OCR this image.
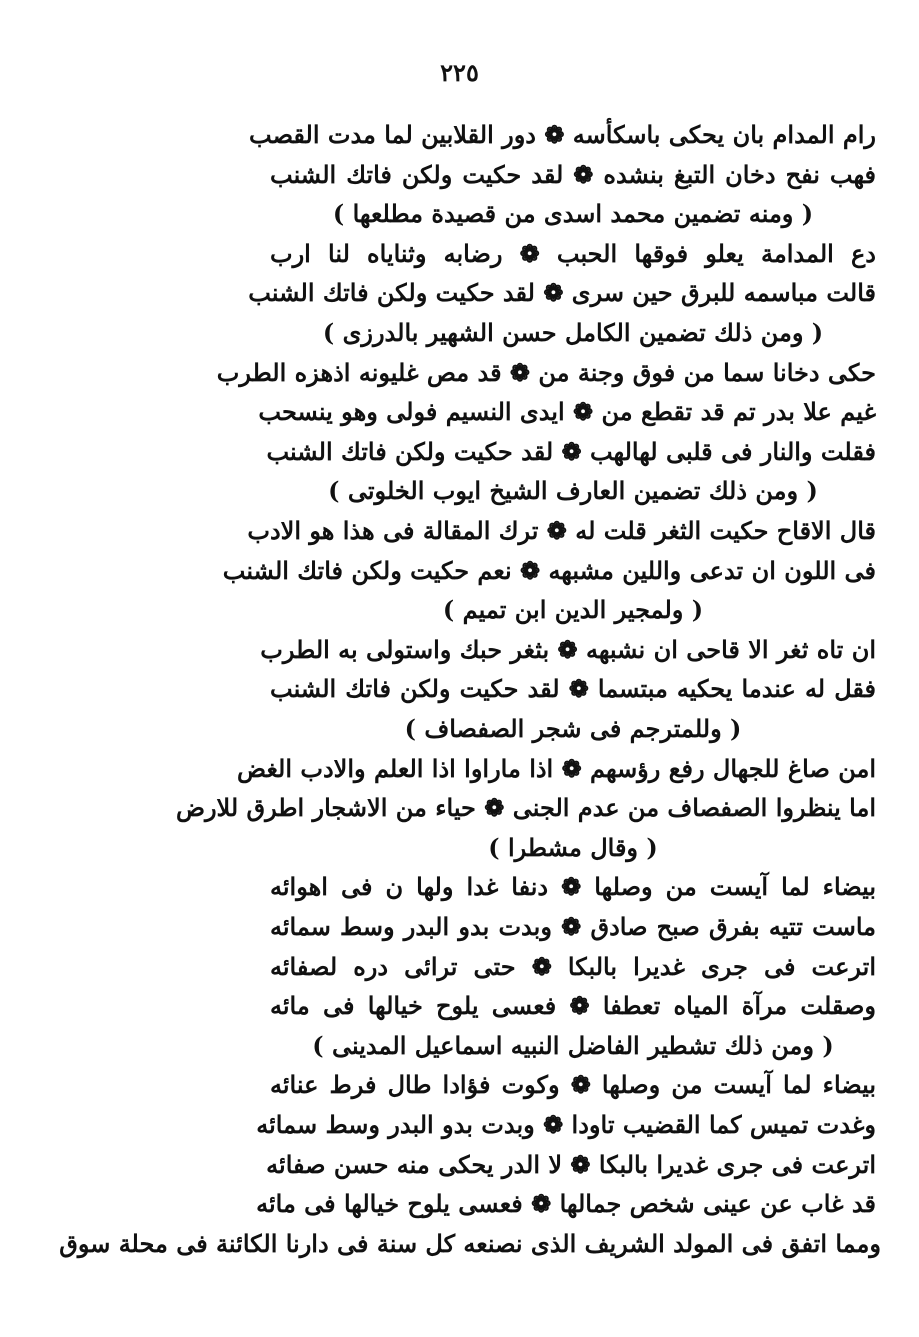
٢٢٥
رام المدام بان يحكى باسكأسه ❁ دور القلابين لما مدت القصب
فهب نفح دخان التبغ بنشده ❁ لقد حكيت ولكن فاتك الشنب
( ومنه تضمين محمد اسدى من قصيدة مطلعها )
دع المدامة يعلو فوقها الحبب ❁ رضابه وثناياه لنا ارب
قالت مباسمه للبرق حين سرى ❁ لقد حكيت ولكن فاتك الشنب
( ومن ذلك تضمين الكامل حسن الشهير بالدرزى )
حكى دخانا سما من فوق وجنة من ❁ قد مص غليونه اذهزه الطرب
غيم علا بدر تم قد تقطع من ❁ ايدى النسيم فولى وهو ينسحب
فقلت والنار فى قلبى لهالهب ❁ لقد حكيت ولكن فاتك الشنب
( ومن ذلك تضمين العارف الشيخ ايوب الخلوتى )
قال الاقاح حكيت الثغر قلت له ❁ ترك المقالة فى هذا هو الادب
فى اللون ان تدعى واللين مشبهه ❁ نعم حكيت ولكن فاتك الشنب
( ولمجير الدين ابن تميم )
ان تاه ثغر الا قاحى ان نشبهه ❁ بثغر حبك واستولى به الطرب
فقل له عندما يحكيه مبتسما ❁ لقد حكيت ولكن فاتك الشنب
( وللمترجم فى شجر الصفصاف )
امن صاغ للجهال رفع رؤسهم ❁ اذا ماراوا اذا العلم والادب الغض
اما ينظروا الصفصاف من عدم الجنى ❁ حياء من الاشجار اطرق للارض
( وقال مشطرا )
بيضاء لما آيست من وصلها ❁ دنفا غدا ولها ن فى اهوائه
ماست تتيه بفرق صبح صادق ❁ وبدت بدو البدر وسط سمائه
اترعت فى جرى غديرا بالبكا ❁ حتى ترائى دره لصفائه
وصقلت مرآة المياه تعطفا ❁ فعسى يلوح خيالها فى مائه
( ومن ذلك تشطير الفاضل النبيه اسماعيل المدينى )
بيضاء لما آيست من وصلها ❁ وكوت فؤادا طال فرط عنائه
وغدت تميس كما القضيب تاودا ❁ وبدت بدو البدر وسط سمائه
اترعت فى جرى غديرا بالبكا ❁ لا الدر يحكى منه حسن صفائه
قد غاب عن عينى شخص جمالها ❁ فعسى يلوح خيالها فى مائه
ومما اتفق فى المولد الشريف الذى نصنعه كل سنة فى دارنا الكائنة فى محلة سوق
